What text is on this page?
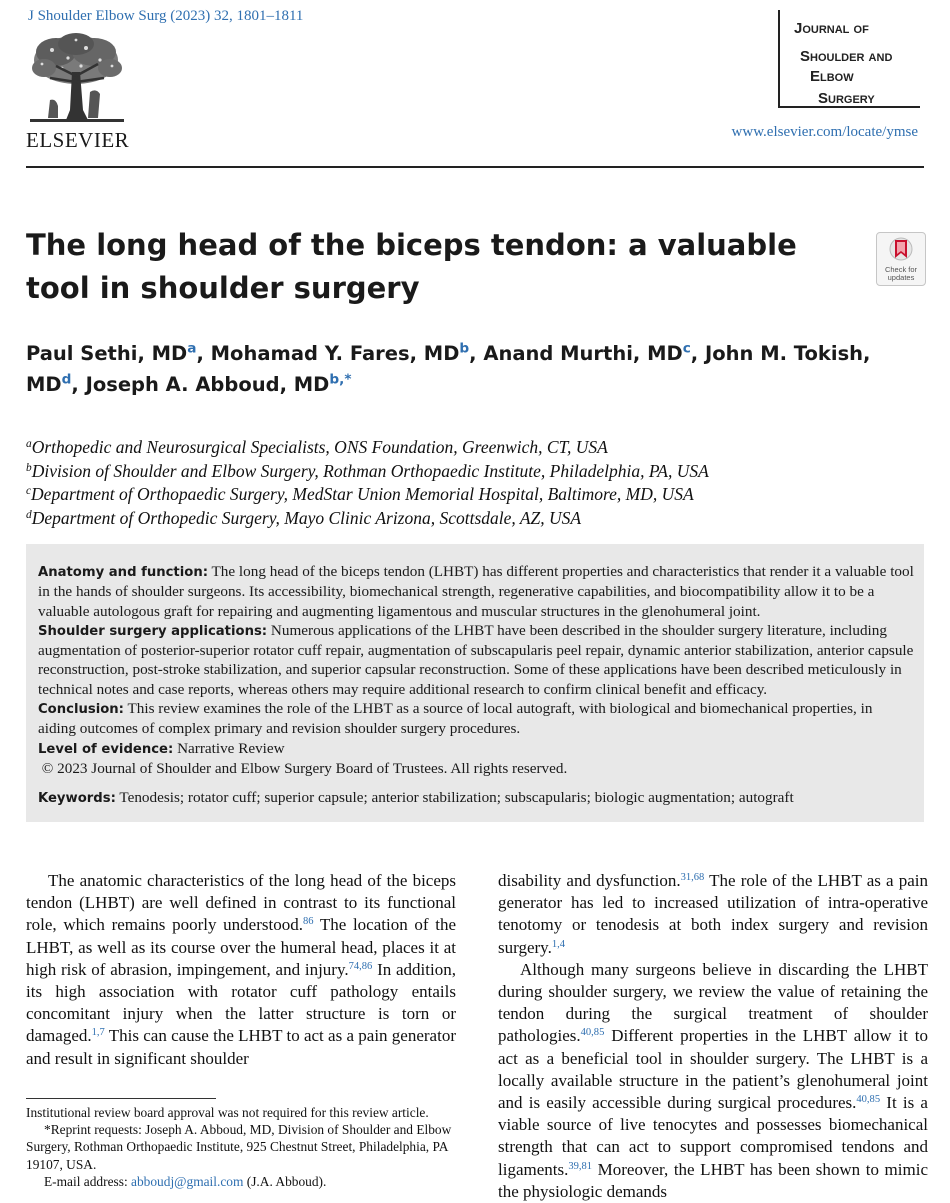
J Shoulder Elbow Surg (2023) 32, 1801–1811
ELSEVIER
Journal of
Shoulder and
Elbow
Surgery
www.elsevier.com/locate/ymse
The long head of the biceps tendon: a valuable tool in shoulder surgery
Check for updates
Paul Sethi, $MD^a$, Mohamad Y. Fares, $MD^b$, Anand Murthi, $MD^c$, John M. Tokish, $MD^d$, Joseph A. Abboud, $MD^{b,*}$
$^a$Orthopedic and Neurosurgical Specialists, ONS Foundation, Greenwich, CT, USA
$^b$Division of Shoulder and Elbow Surgery, Rothman Orthopaedic Institute, Philadelphia, PA, USA
$^c$Department of Orthopaedic Surgery, MedStar Union Memorial Hospital, Baltimore, MD, USA
$^d$Department of Orthopedic Surgery, Mayo Clinic Arizona, Scottsdale, AZ, USA

Anatomy and function: The long head of the biceps tendon (LHBT) has different properties and characteristics that render it a valuable tool in the hands of shoulder surgeons. Its accessibility, biomechanical strength, regenerative capabilities, and biocompatibility allow it to be a valuable autologous graft for repairing and augmenting ligamentous and muscular structures in the glenohumeral joint.

Shoulder surgery applications: Numerous applications of the LHBT have been described in the shoulder surgery literature, including augmentation of posterior-superior rotator cuff repair, augmentation of subscapularis peel repair, dynamic anterior stabilization, anterior capsule reconstruction, post-stroke stabilization, and superior capsular reconstruction. Some of these applications have been described meticulously in technical notes and case reports, whereas others may require additional research to confirm clinical benefit and efficacy.

Conclusion: This review examines the role of the LHBT as a source of local autograft, with biological and biomechanical properties, in aiding outcomes of complex primary and revision shoulder surgery procedures.

Level of evidence: Narrative Review

© 2023 Journal of Shoulder and Elbow Surgery Board of Trustees. All rights reserved.

Keywords: Tenodesis; rotator cuff; superior capsule; anterior stabilization; subscapularis; biologic augmentation; autograft

The anatomic characteristics of the long head of the biceps tendon (LHBT) are well defined in contrast to its functional role, which remains poorly understood.$^{86}$ The location of the LHBT, as well as its course over the humeral head, places it at high risk of abrasion, impingement, and injury.$^{74,86}$ In addition, its high association with rotator cuff pathology entails concomitant injury when the latter structure is torn or damaged.$^{1,7}$ This can cause the LHBT to act as a pain generator and result in significant shoulder

disability and dysfunction.$^{31,68}$ The role of the LHBT as a pain generator has led to increased utilization of intra-operative tenotomy or tenodesis at both index surgery and revision surgery.$^{1,4}$

Although many surgeons believe in discarding the LHBT during shoulder surgery, we review the value of retaining the tendon during the surgical treatment of shoulder pathologies.$^{40,85}$ Different properties in the LHBT allow it to act as a beneficial tool in shoulder surgery. The LHBT is a locally available structure in the patient’s glenohumeral joint and is easily accessible during surgical procedures.$^{40,85}$ It is a viable source of live tenocytes and possesses biomechanical strength that can act to support compromised tendons and ligaments.$^{39,81}$ Moreover, the LHBT has been shown to mimic the physiologic demands

Institutional review board approval was not required for this review article.

*Reprint requests: Joseph A. Abboud, MD, Division of Shoulder and Elbow Surgery, Rothman Orthopaedic Institute, 925 Chestnut Street, Philadelphia, PA 19107, USA.

E-mail address: abboudj@gmail.com (J.A. Abboud).
